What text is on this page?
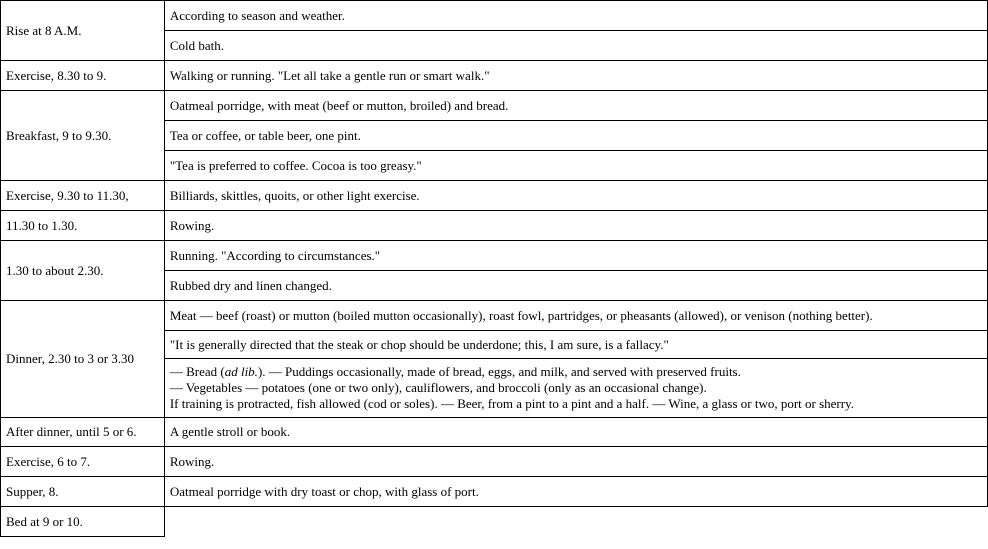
Rise at 8 A.M.	According to season and weather.
	Cold bath.
Exercise, 8.30 to 9.	Walking or running. "Let all take a gentle run or smart walk."
Breakfast, 9 to 9.30.	Oatmeal porridge, with meat (beef or mutton, broiled) and bread.
	Tea or coffee, or table beer, one pint.
	"Tea is preferred to coffee. Cocoa is too greasy."
Exercise, 9.30 to 11.30,	Billiards, skittles, quoits, or other light exercise.
11.30 to 1.30.	Rowing.
1.30 to about 2.30.	Running. "According to circumstances."
	Rubbed dry and linen changed.
Dinner, 2.30 to 3 or 3.30	Meat — beef (roast) or mutton (boiled mutton occasionally), roast fowl, partridges, or pheasants (allowed), or venison (nothing better).
	"It is generally directed that the steak or chop should be underdone; this, I am sure, is a fallacy."

	— Bread (ad lib.). — Puddings occasionally, made of bread, eggs, and milk, and served with preserved fruits.
— Vegetables — potatoes (one or two only), cauliflowers, and broccoli (only as an occasional change).
If training is protracted, fish allowed (cod or soles). — Beer, from a pint to a pint and a half. — Wine, a glass or two, port or sherry.

After dinner, until 5 or 6.	A gentle stroll or book.
Exercise, 6 to 7.	Rowing.
Supper, 8.	Oatmeal porridge with dry toast or chop, with glass of port.
Bed at 9 or 10.	
